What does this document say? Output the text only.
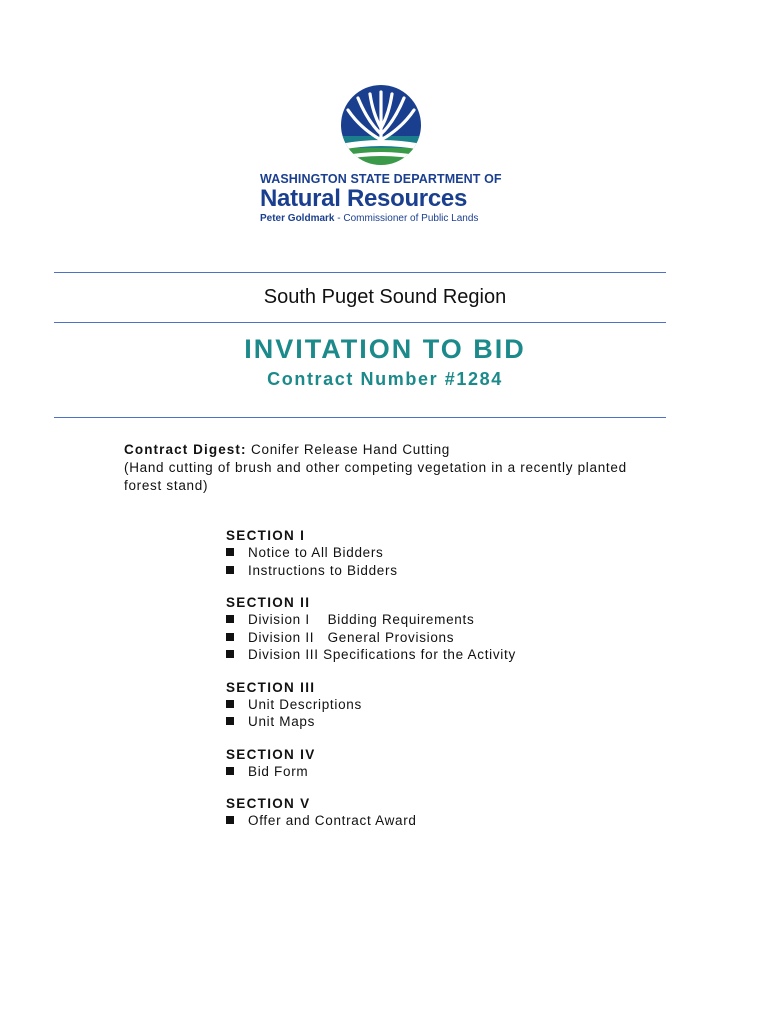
WASHINGTON STATE DEPARTMENT OF
Natural Resources
Peter Goldmark - Commissioner of Public Lands
South Puget Sound Region
INVITATION TO BID
Contract Number #1284
Contract Digest: Conifer Release Hand Cutting
(Hand cutting of brush and other competing vegetation in a recently planted
forest stand)
SECTION I
Notice to All Bidders
Instructions to Bidders
SECTION II
Division I    Bidding Requirements
Division II   General Provisions
Division III Specifications for the Activity
SECTION III
Unit Descriptions
Unit Maps
SECTION IV
Bid Form
SECTION V
Offer and Contract Award
